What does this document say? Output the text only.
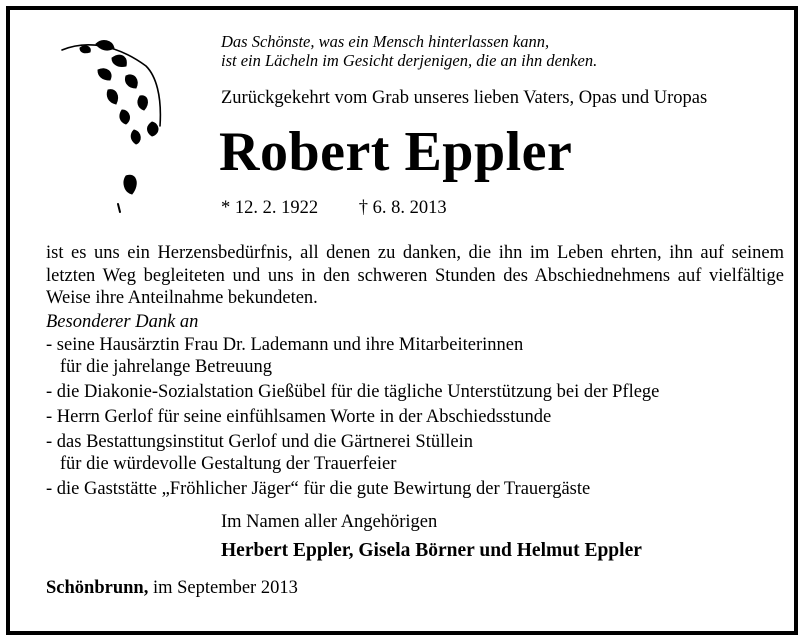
Das Schönste, was ein Mensch hinterlassen kann,
ist ein Lächeln im Gesicht derjenigen, die an ihn denken.
Zurückgekehrt vom Grab unseres lieben Vaters, Opas und Uropas
Robert Eppler
* 12. 2. 1922 † 6. 8. 2013

ist es uns ein Herzensbedürfnis, all denen zu danken, die ihn im Leben ehrten, ihn auf seinem letzten Weg begleiteten und uns in den schweren Stunden des Abschiednehmens auf vielfältige Weise ihre Anteilnahme bekundeten.

Besonderer Dank an
- seine Hausärztin Frau Dr. Lademann und ihre Mitarbeiterinnen
für die jahrelange Betreuung
- die Diakonie-Sozialstation Gießübel für die tägliche Unterstützung bei der Pflege
- Herrn Gerlof für seine einfühlsamen Worte in der Abschiedsstunde
- das Bestattungsinstitut Gerlof und die Gärtnerei Stüllein
für die würdevolle Gestaltung der Trauerfeier
- die Gaststätte „Fröhlicher Jäger“ für die gute Bewirtung der Trauergäste
Im Namen aller Angehörigen
Herbert Eppler, Gisela Börner und Helmut Eppler
Schönbrunn, im September 2013
